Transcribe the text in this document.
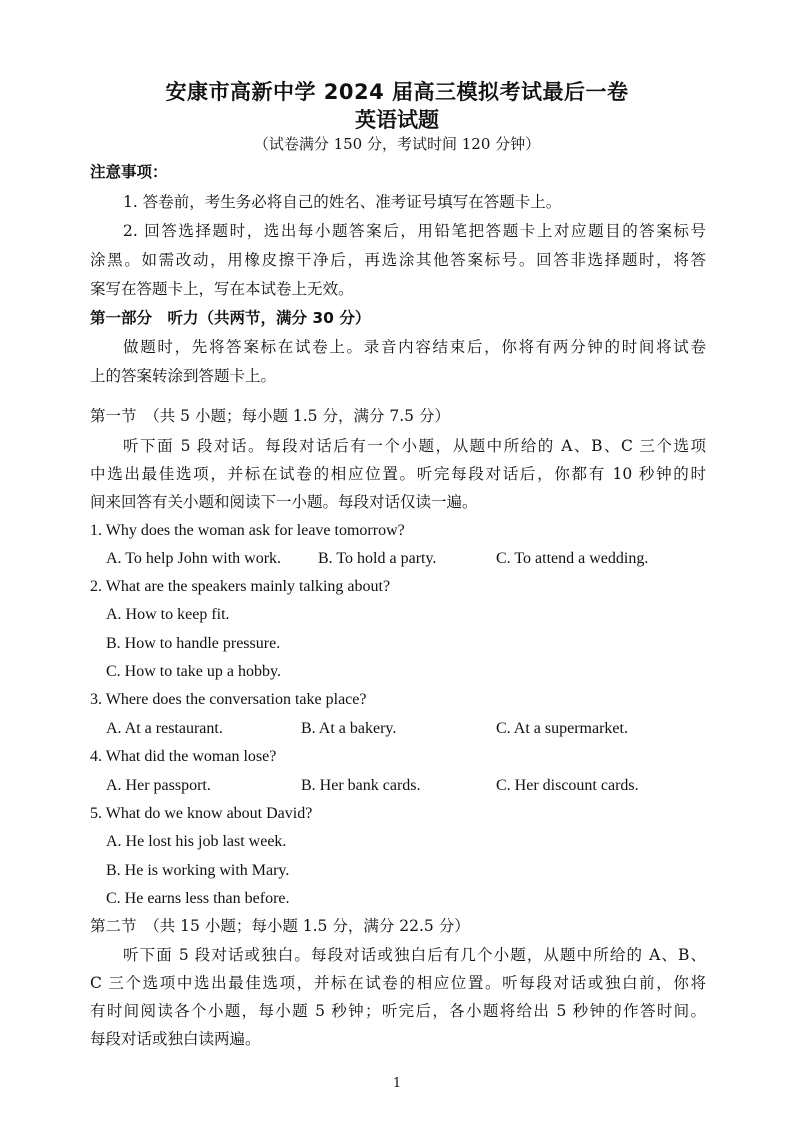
安康市高新中学 2024 届高三模拟考试最后一卷
英语试题
（试卷满分 150 分，考试时间 120 分钟）
注意事项：
1. 答卷前，考生务必将自己的姓名、准考证号填写在答题卡上。
2. 回答选择题时，选出每小题答案后，用铅笔把答题卡上对应题目的答案标号
涂黑。如需改动，用橡皮擦干净后，再选涂其他答案标号。回答非选择题时，将答
案写在答题卡上，写在本试卷上无效。
第一部分　听力（共两节，满分 30 分）
做题时，先将答案标在试卷上。录音内容结束后，你将有两分钟的时间将试卷
上的答案转涂到答题卡上。
第一节　（共 5 小题；每小题 1.5 分，满分 7.5 分）
听下面 5 段对话。每段对话后有一个小题，从题中所给的 A、B、C 三个选项
中选出最佳选项，并标在试卷的相应位置。听完每段对话后，你都有 10 秒钟的时
间来回答有关小题和阅读下一小题。每段对话仅读一遍。
1. Why does the woman ask for leave tomorrow?
A. To help John with work. B. To hold a party.	C. To attend a wedding.
2. What are the speakers mainly talking about?
A. How to keep fit.
B. How to handle pressure.
C. How to take up a hobby.
3. Where does the conversation take place?
A. At a restaurant.	B. At a bakery.	C. At a supermarket.
4. What did the woman lose?
A. Her passport.	B. Her bank cards.	C. Her discount cards.
5. What do we know about David?
A. He lost his job last week.
B. He is working with Mary.
C. He earns less than before.
第二节　（共 15 小题；每小题 1.5 分，满分 22.5 分）
听下面 5 段对话或独白。每段对话或独白后有几个小题，从题中所给的 A、B、
C 三个选项中选出最佳选项，并标在试卷的相应位置。听每段对话或独白前，你将
有时间阅读各个小题，每小题 5 秒钟；听完后，各小题将给出 5 秒钟的作答时间。
每段对话或独白读两遍。
1
